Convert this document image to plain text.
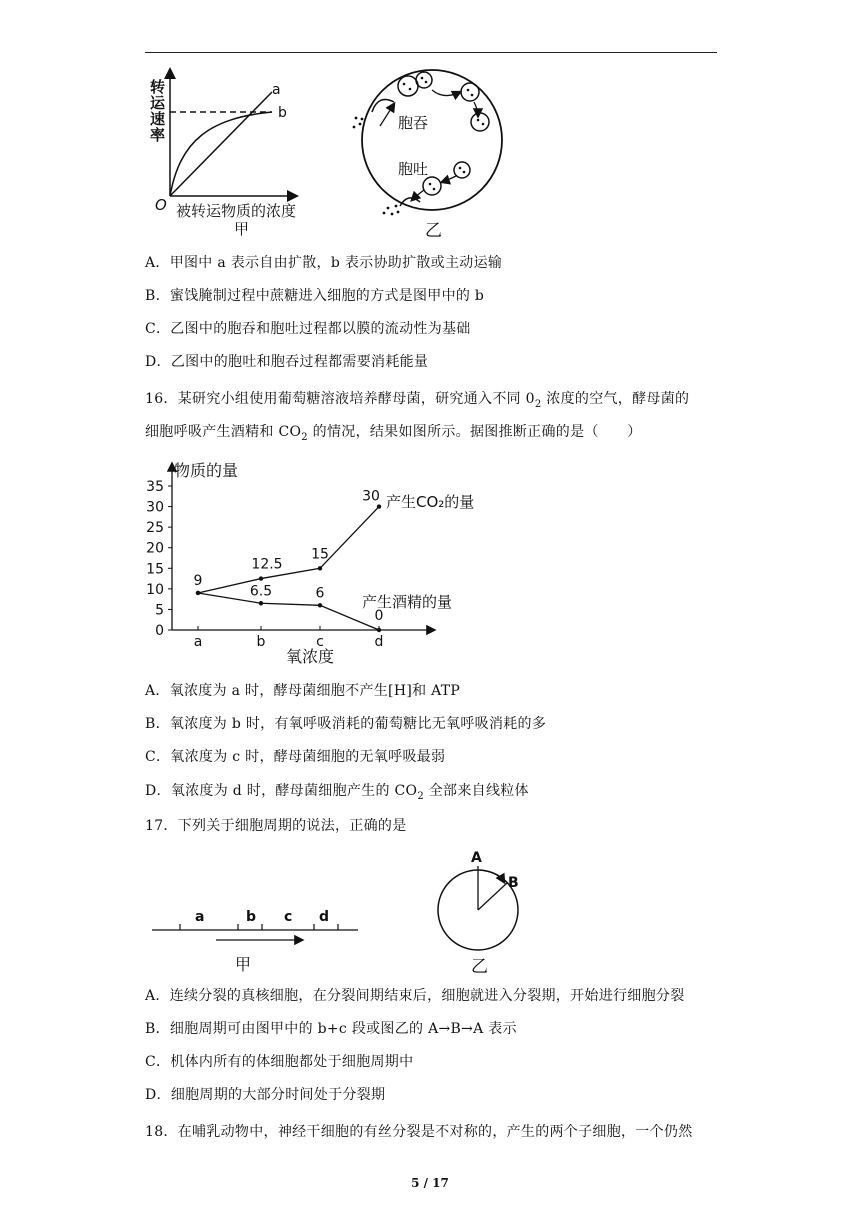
转
运
速
率
O
a
b
被转运物质的浓度
甲
胞吞
胞吐
乙
A．甲图中 a 表示自由扩散，b 表示协助扩散或主动运输
B．蜜饯腌制过程中蔗糖进入细胞的方式是图甲中的 b
C．乙图中的胞吞和胞吐过程都以膜的流动性为基础
D．乙图中的胞吐和胞吞过程都需要消耗能量
16．某研究小组使用葡萄糖溶液培养酵母菌，研究通入不同 $0_2$ 浓度的空气，酵母菌的
细胞呼吸产生酒精和 $CO_2$ 的情况，结果如图所示。据图推断正确的是（　　）
物质的量
氧浓度
0
5
10
15
20
25
30
35
a	b	c	d
9
12.5
15
30
6.5	6
0
产生CO₂的量
产生酒精的量
A．氧浓度为 a 时，酵母菌细胞不产生[H]和 ATP
B．氧浓度为 b 时，有氧呼吸消耗的葡萄糖比无氧呼吸消耗的多
C．氧浓度为 c 时，酵母菌细胞的无氧呼吸最弱
D．氧浓度为 d 时，酵母菌细胞产生的 $CO_2$ 全部来自线粒体
17．下列关于细胞周期的说法，正确的是
a	b c d
甲
A
B
乙
A．连续分裂的真核细胞，在分裂间期结束后，细胞就进入分裂期，开始进行细胞分裂
B．细胞周期可由图甲中的 b+c 段或图乙的 A→B→A 表示
C．机体内所有的体细胞都处于细胞周期中
D．细胞周期的大部分时间处于分裂期
18．在哺乳动物中，神经干细胞的有丝分裂是不对称的，产生的两个子细胞，一个仍然
5 / 17
